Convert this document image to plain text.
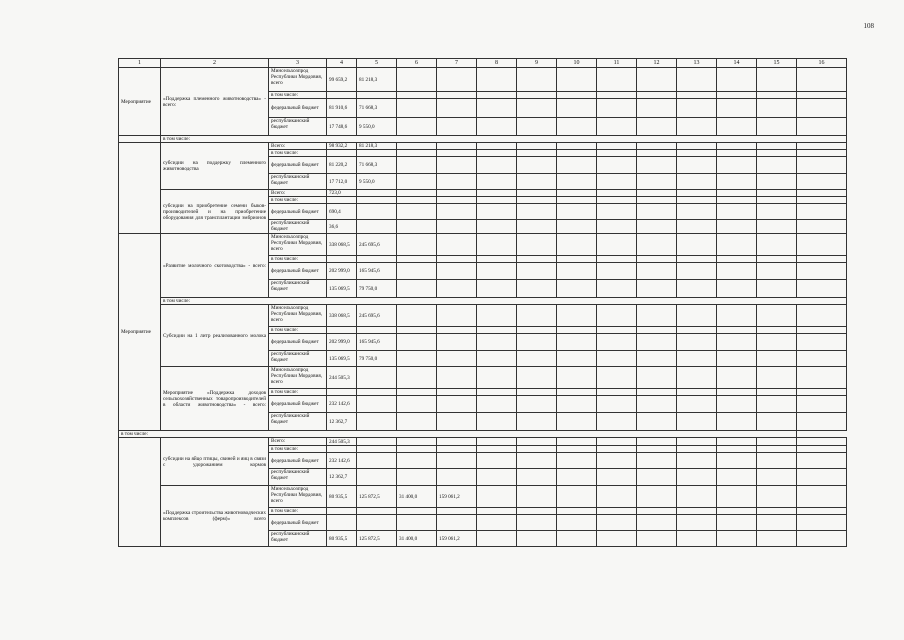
108
1	2	3	4	5	6	7	8	9	10	11	12	13	14	15	16
Мероприятие	«Поддержка племенного животноводства» - всего:	Минсельхозпрод Республики Мордовия, всего	99 659,2	81 218,3											
		в том числе:													
		федеральный бюджет	81 910,6	71 668,3											
		республиканский бюджет	17 748,6	9 550,0											
	в том числе:														
	субсидии на поддержку племенного животноводства	Всего:	98 932,2	81 218,3											
		в том числе:													
		федеральный бюджет	81 220,2	71 668,3											
		республиканский бюджет	17 712,0	9 550,0											
	субсидии на приобретение семени быков-производителей и на приобретение оборудования для трансплантации эмбрионов	Всего:	723,0												
		в том числе:													
		федеральный бюджет	690,4												
		республиканский бюджет	36,6												
Мероприятие	«Развитие молочного скотоводства» - всего:	Минсельхозпрод Республики Мордовия, всего	338 068,5	245 695,6											
		в том числе:													
		федеральный бюджет	202 999,0	165 945,6											
		республиканский бюджет	135 069,5	79 750,0											
	в том числе:														
	Субсидии на 1 литр реализованного молока	Минсельхозпрод Республики Мордовия, всего	338 068,5	245 695,6											
		в том числе:													
		федеральный бюджет	202 999,0	165 945,6											
		республиканский бюджет	135 069,5	79 750,0											
	Мероприятие «Поддержка доходов сельскохозяйственных товаропроизводителей в области животноводства» - всего:	Минсельхозпрод Республики Мордовия, всего	244 505,3												
		в том числе:													
		федеральный бюджет	232 142,6												
		республиканский бюджет	12 362,7												
в том числе:															
	субсидии на яйцо птицы, свиней и яиц в связи с удорожанием кормов	Всего:	244 505,3												
		в том числе:													
		федеральный бюджет	232 142,6												
		республиканский бюджет	12 362,7												
	«Поддержка строительства животноводческих комплексов (ферм)» всего	Минсельхозпрод Республики Мордовия, всего	80 935,5	125 872,5	31 400,0	159 061,2									
		в том числе:													
		федеральный бюджет													
		республиканский бюджет	80 935,5	125 872,5	31 400,0	159 061,2									
